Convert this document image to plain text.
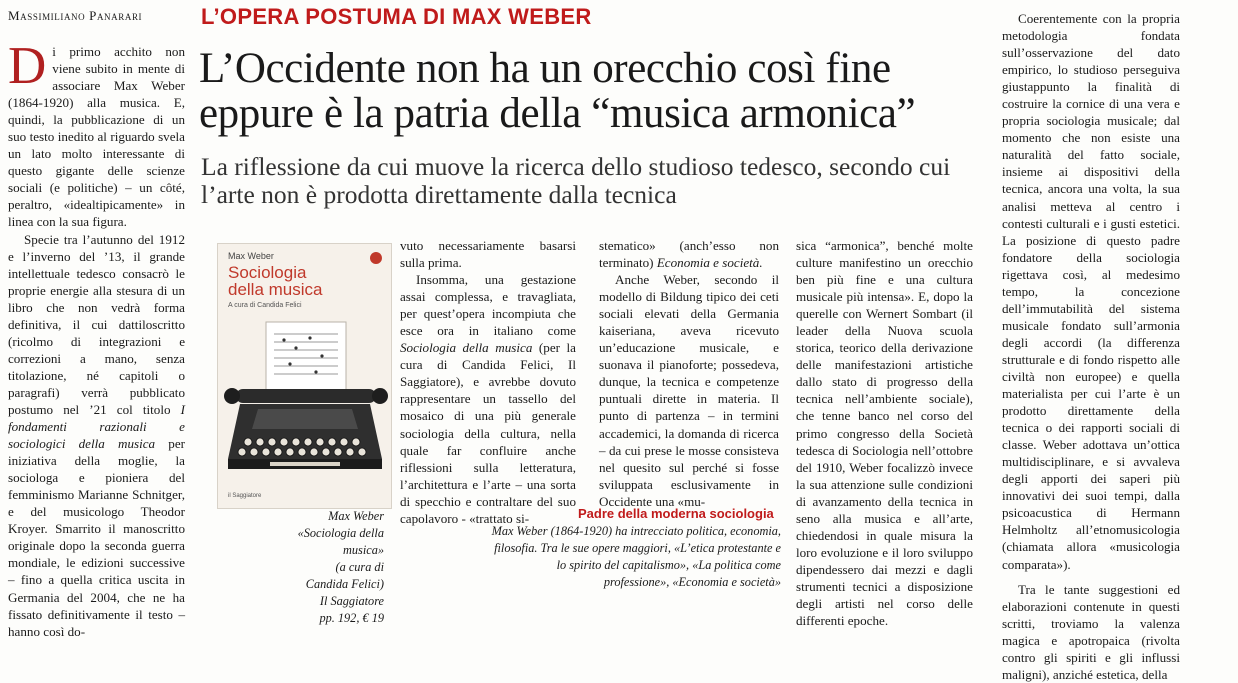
Massimiliano Panarari	L’OPERA POSTUMA DI MAX WEBER
L’Occidente non ha un orecchio così fine eppure è la patria della “musica armonica”
La riflessione da cui muove la ricerca dello studioso tedesco, secondo cui l’arte non è prodotta direttamente dalla tecnica

Di primo acchito non viene subito in mente di associare Max Weber (1864-1920) alla musica. E, quindi, la pubblicazione di un suo testo inedito al riguardo svela un lato molto interessante di questo gigante delle scienze sociali (e politiche) – un côté, peraltro, «idealtipicamente» in linea con la sua figura.

Specie tra l’autunno del 1912 e l’inverno del ’13, il grande intellettuale tedesco consacrò le proprie energie alla stesura di un libro che non vedrà forma definitiva, il cui dattiloscritto (ricolmo di integrazioni e correzioni a mano, senza titolazione, né capitoli o paragrafi) verrà pubblicato postumo nel ’21 col titolo I fondamenti razionali e sociologici della musica per iniziativa della moglie, la sociologa e pioniera del femminismo Marianne Schnitger, e del musicologo Theodor Kroyer. Smarrito il manoscritto originale dopo la seconda guerra mondiale, le edizioni successive – fino a quella critica uscita in Germania del 2004, che ne ha fissato definitivamente il testo – hanno così do-

Max Weber
Sociologia
della musica
A cura di Candida Felici
il Saggiatore
Max Weber
«Sociologia della musica»
(a cura di Candida Felici)
Il Saggiatore
pp. 192, € 19

vuto necessariamente basarsi sulla prima.

Insomma, una gestazione assai complessa, e travagliata, per quest’opera incompiuta che esce ora in italiano come Sociologia della musica (per la cura di Candida Felici, Il Saggiatore), e avrebbe dovuto rappresentare un tassello del mosaico di una più generale sociologia della cultura, nella quale far confluire anche riflessioni sulla letteratura, l’architettura e l’arte – una sorta di specchio e contraltare del suo capolavoro - «trattato si-

stematico» (anch’esso non terminato) Economia e società.

Anche Weber, secondo il modello di Bildung tipico dei ceti sociali elevati della Germania kaiseriana, aveva ricevuto un’educazione musicale, e suonava il pianoforte; possedeva, dunque, la tecnica e competenze puntuali dirette in materia. Il punto di partenza – in termini accademici, la domanda di ricerca – da cui prese le mosse consisteva nel quesito sul perché si fosse sviluppata esclusivamente in Occidente una «mu-

Padre della moderna sociologia
Max Weber (1864-1920) ha intrecciato politica, economia, filosofia. Tra le sue opere maggiori, «L’etica protestante e lo spirito del capitalismo», «La politica come professione», «Economia e società»

sica “armonica”, benché molte culture manifestino un orecchio ben più fine e una cultura musicale più intensa». E, dopo la querelle con Wernert Sombart (il leader della Nuova scuola storica, teorico della derivazione delle manifestazioni artistiche dallo stato di progresso della tecnica nell’ambiente sociale), che tenne banco nel corso del primo congresso della Società tedesca di Sociologia nell’ottobre del 1910, Weber focalizzò invece la sua attenzione sulle condizioni di avanzamento della tecnica in seno alla musica e all’arte, chiedendosi in quale misura la loro evoluzione e il loro sviluppo dipendessero dai mezzi e dagli strumenti tecnici a disposizione degli artisti nel corso delle differenti epoche.

Coerentemente con la propria metodologia fondata sull’osservazione del dato empirico, lo studioso perseguiva giustappunto la finalità di costruire la cornice di una vera e propria sociologia musicale; dal momento che non esiste una naturalità del fatto sociale, insieme ai dispositivi della tecnica, ancora una volta, la sua analisi metteva al centro i contesti culturali e i gusti estetici. La posizione di questo padre fondatore della sociologia rigettava così, al medesimo tempo, la concezione dell’immutabilità del sistema musicale fondato sull’armonia degli accordi (la differenza strutturale e di fondo rispetto alle civiltà non europee) e quella materialista per cui l’arte è un prodotto direttamente della tecnica o dei rapporti sociali di classe. Weber adottava un’ottica multidisciplinare, e si avvaleva degli apporti dei saperi più innovativi dei suoi tempi, dalla psicoacustica di Hermann Helmholtz all’etnomusicologia (chiamata allora «musicologia comparata»).

Tra le tante suggestioni ed elaborazioni contenute in questi scritti, troviamo la valenza magica e apotropaica (rivolta contro gli spiriti e gli influssi maligni), anziché estetica, della
